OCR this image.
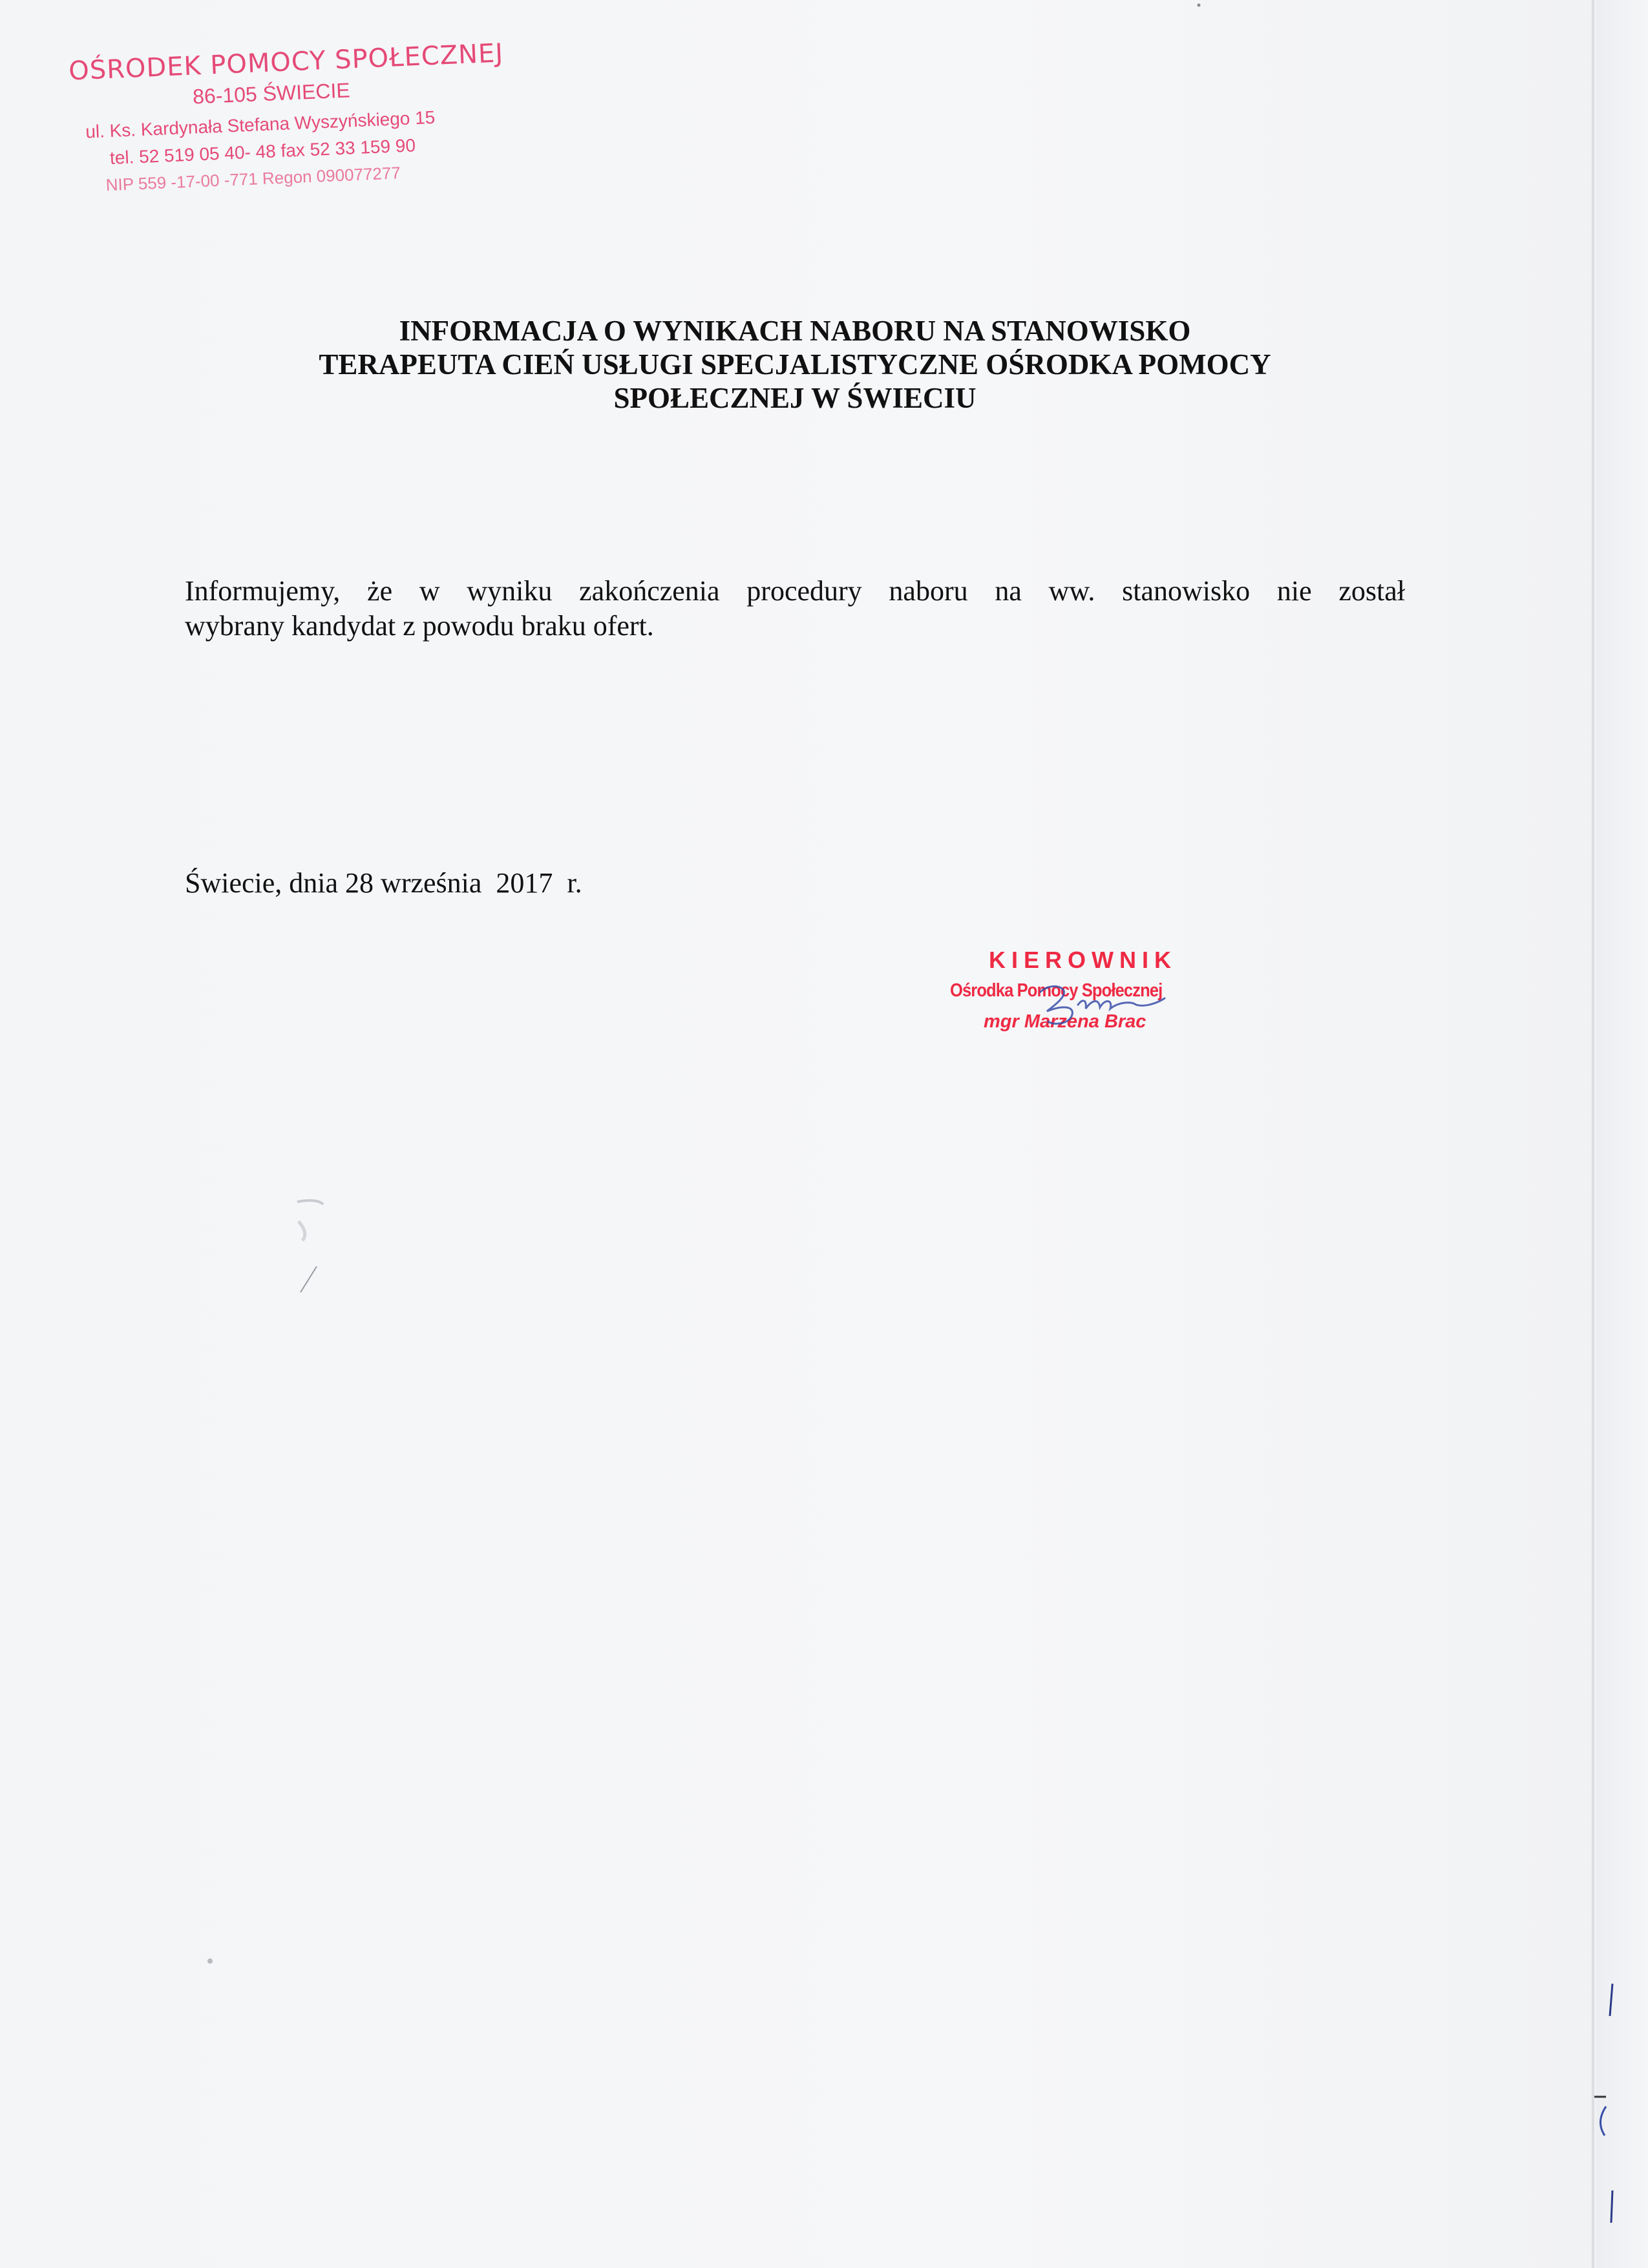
OŚRODEK POMOCY SPOŁECZNEJ
86-105 ŚWIECIE
ul. Ks. Kardynała Stefana Wyszyńskiego 15
tel. 52 519 05 40- 48 fax 52 33 159 90
NIP 559 -17-00 -771 Regon 090077277
INFORMACJA O WYNIKACH NABORU NA STANOWISKO
TERAPEUTA CIEŃ USŁUGI SPECJALISTYCZNE OŚRODKA POMOCY
SPOŁECZNEJ W ŚWIECIU
Informujemy, że w wyniku zakończenia procedury naboru na ww. stanowisko nie został
wybrany kandydat z powodu braku ofert.
Świecie, dnia 28 września  2017  r.
KIEROWNIK
Ośrodka Pomocy Społecznej
mgr Marzena Brac
